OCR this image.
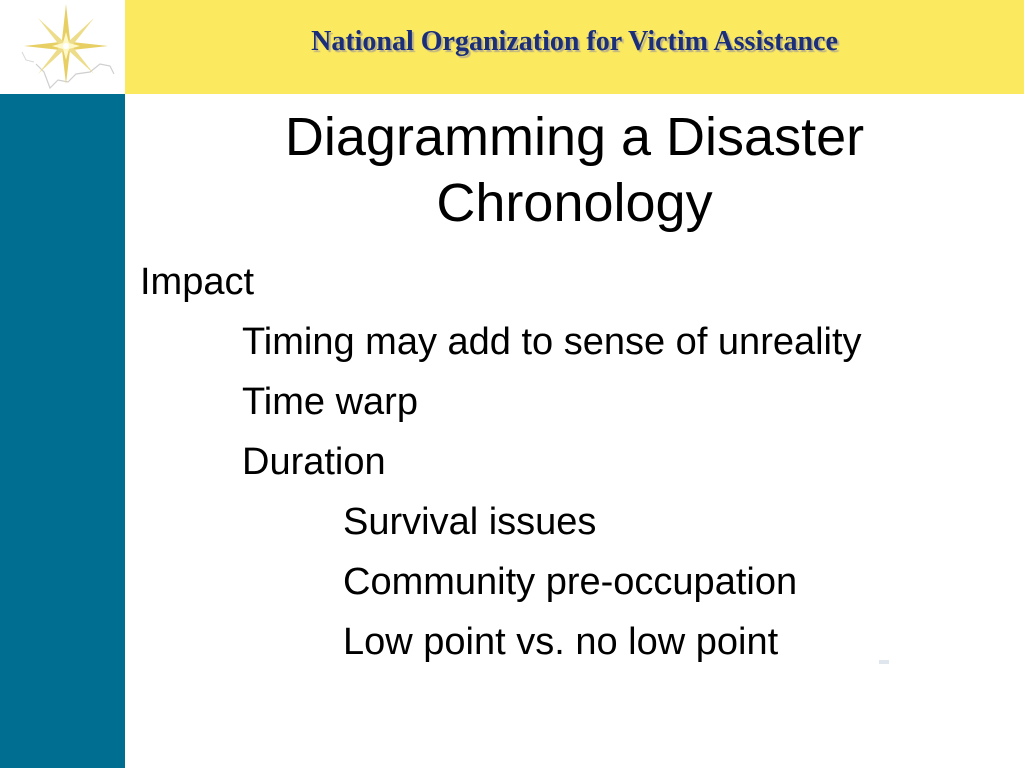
National Organization for Victim Assistance
Diagramming a Disaster
Chronology
Impact
Timing may add to sense of unreality
Time warp
Duration
Survival issues
Community pre-occupation
Low point vs. no low point
